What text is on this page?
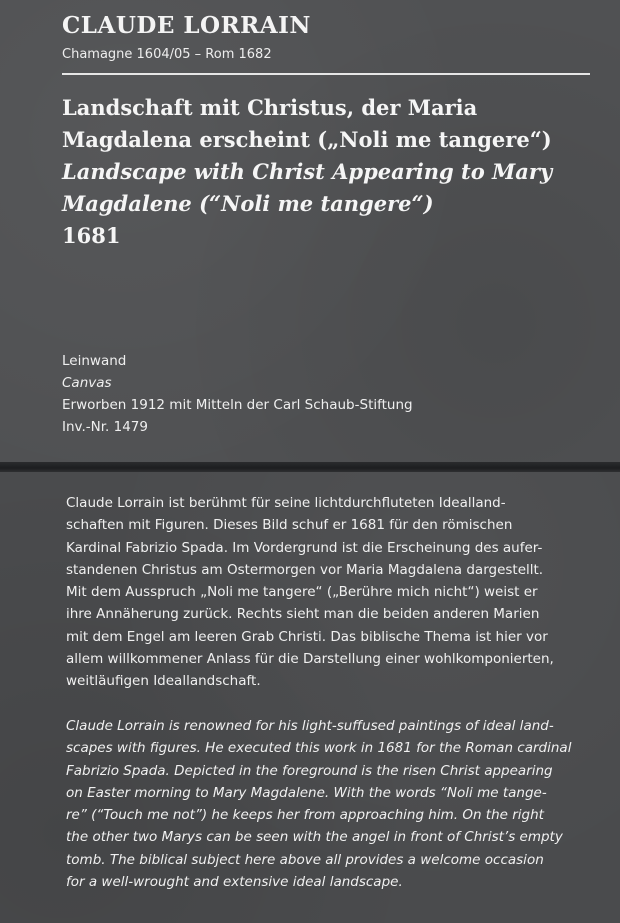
CLAUDE LORRAIN
Chamagne 1604/05 – Rom 1682
Landschaft mit Christus, der Maria
Magdalena erscheint („Noli me tangere“)
Landscape with Christ Appearing to Mary
Magdalene (“Noli me tangere“)
1681
Leinwand
Canvas
Erworben 1912 mit Mitteln der Carl Schaub-Stiftung
Inv.-Nr. 1479
Claude Lorrain ist berühmt für seine lichtdurchfluteten Idealland-
schaften mit Figuren. Dieses Bild schuf er 1681 für den römischen
Kardinal Fabrizio Spada. Im Vordergrund ist die Erscheinung des aufer-
standenen Christus am Ostermorgen vor Maria Magdalena dargestellt.
Mit dem Ausspruch „Noli me tangere“ („Berühre mich nicht“) weist er
ihre Annäherung zurück. Rechts sieht man die beiden anderen Marien
mit dem Engel am leeren Grab Christi. Das biblische Thema ist hier vor
allem willkommener Anlass für die Darstellung einer wohlkomponierten,
weitläufigen Ideallandschaft.
Claude Lorrain is renowned for his light-suffused paintings of ideal land-
scapes with figures. He executed this work in 1681 for the Roman cardinal
Fabrizio Spada. Depicted in the foreground is the risen Christ appearing
on Easter morning to Mary Magdalene. With the words “Noli me tange-
re” (“Touch me not”) he keeps her from approaching him. On the right
the other two Marys can be seen with the angel in front of Christ’s empty
tomb. The biblical subject here above all provides a welcome occasion
for a well-wrought and extensive ideal landscape.
